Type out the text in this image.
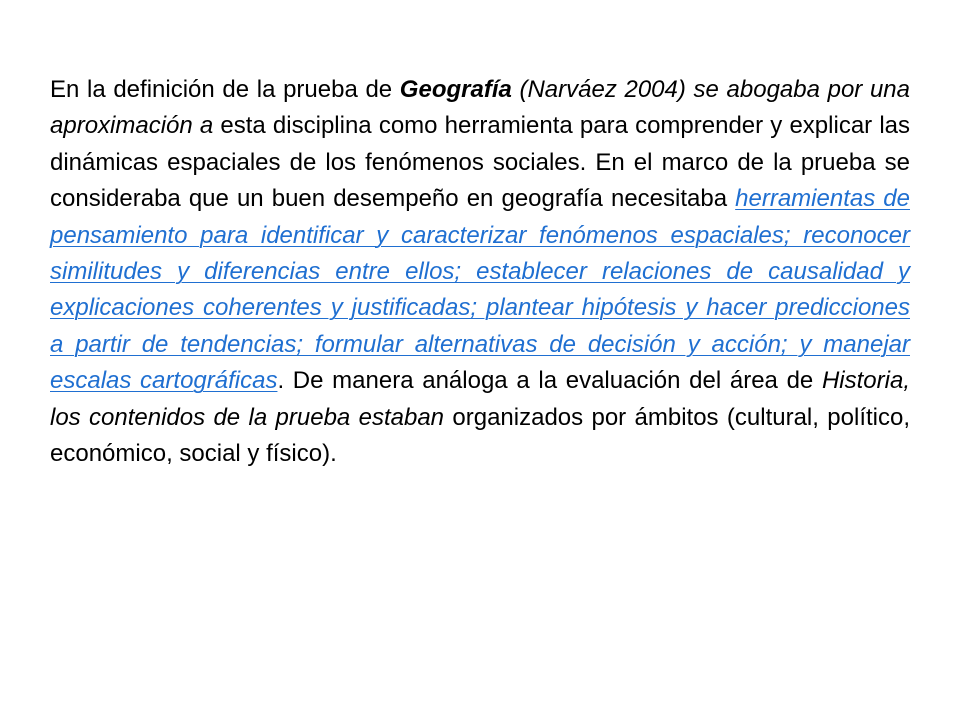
En la definición de la prueba de Geografía (Narváez 2004) se abogaba por una aproximación a esta disciplina como herramienta para comprender y explicar las dinámicas espaciales de los fenómenos sociales. En el marco de la prueba se consideraba que un buen desempeño en geografía necesitaba herramientas de pensamiento para identificar y caracterizar fenómenos espaciales; reconocer similitudes y diferencias entre ellos; establecer relaciones de causalidad y explicaciones coherentes y justificadas; plantear hipótesis y hacer predicciones a partir de tendencias; formular alternativas de decisión y acción; y manejar escalas cartográficas. De manera análoga a la evaluación del área de Historia, los contenidos de la prueba estaban organizados por ámbitos (cultural, político, económico, social y físico).
